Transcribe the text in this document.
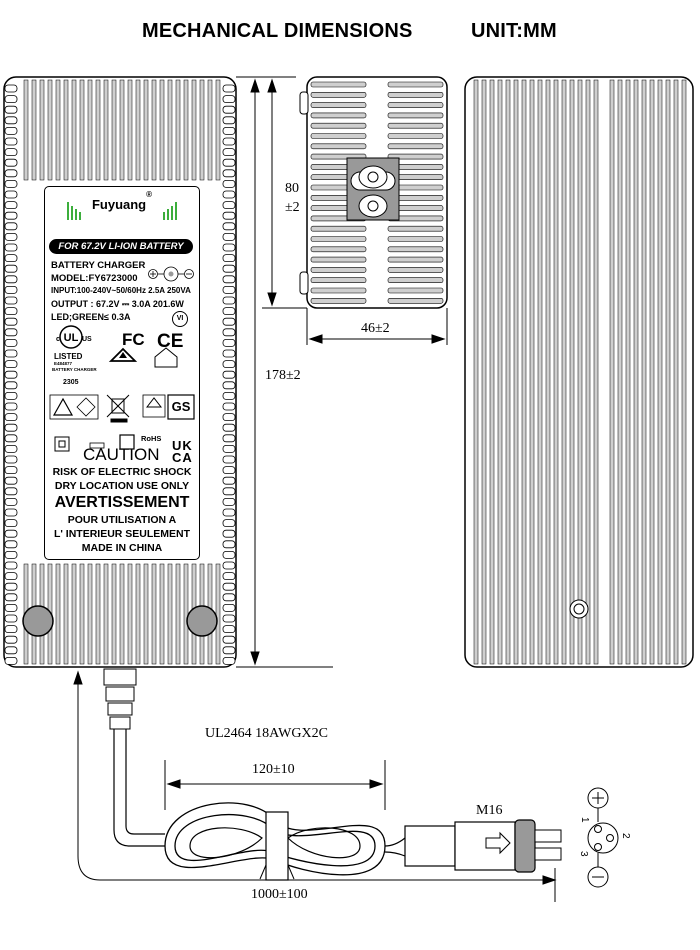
MECHANICAL DIMENSIONS	UNIT:MM
80
±2
46±2
178±2
UL2464 18AWGX2C
120±10
1000±100
M16
1
2
3
Fuyuang®
FOR 67.2V LI-ION BATTERY
BATTERY CHARGER
MODEL:FY6723000
INPUT:100-240V~50/60Hz 2.5A 250VA
OUTPUT : 67.2V ⎓ 3.0A 201.6W
LED;GREEN≤ 0.3A	VI
UL
c	US FC CE
LISTED
E484877
BATTERY CHARGER
2305
GS
RoHS UK
CA
CAUTION
RISK OF ELECTRIC SHOCK
DRY LOCATION USE ONLY
AVERTISSEMENT
POUR UTILISATION A
L' INTERIEUR SEULEMENT
MADE IN CHINA
